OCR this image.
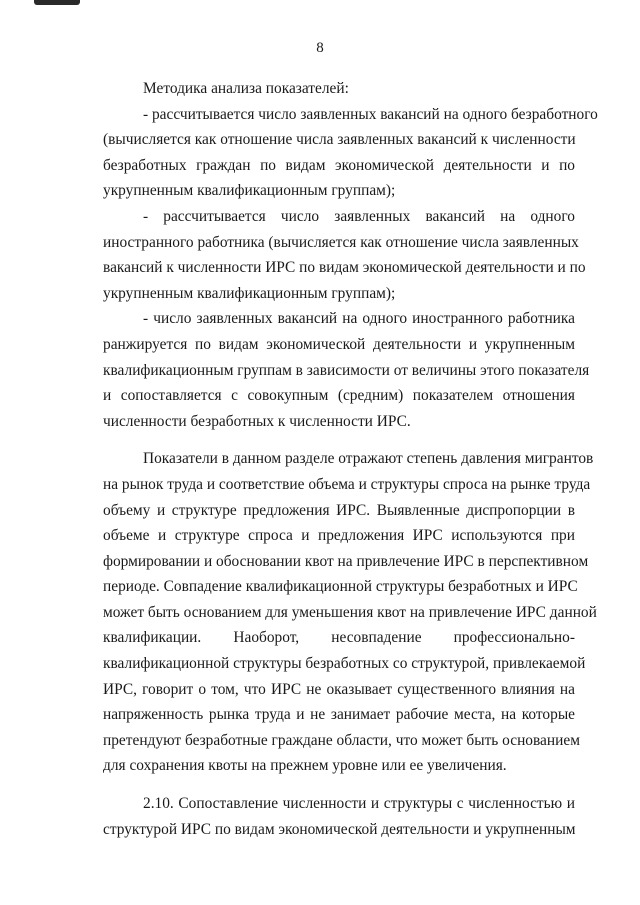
8
Методика анализа показателей:
- рассчитывается число заявленных вакансий на одного безработного
(вычисляется как отношение числа заявленных вакансий к численности
безработных граждан по видам экономической деятельности и по
укрупненным квалификационным группам);
- рассчитывается число заявленных вакансий на одного
иностранного работника (вычисляется как отношение числа заявленных
вакансий к численности ИРС по видам экономической деятельности и по
укрупненным квалификационным группам);
- число заявленных вакансий на одного иностранного работника
ранжируется по видам экономической деятельности и укрупненным
квалификационным группам в зависимости от величины этого показателя
и сопоставляется с совокупным (средним) показателем отношения
численности безработных к численности ИРС.
Показатели в данном разделе отражают степень давления мигрантов
на рынок труда и соответствие объема и структуры спроса на рынке труда
объему и структуре предложения ИРС. Выявленные диспропорции в
объеме и структуре спроса и предложения ИРС используются при
формировании и обосновании квот на привлечение ИРС в перспективном
периоде. Совпадение квалификационной структуры безработных и ИРС
может быть основанием для уменьшения квот на привлечение ИРС данной
квалификации. Наоборот, несовпадение профессионально-
квалификационной структуры безработных со структурой, привлекаемой
ИРС, говорит о том, что ИРС не оказывает существенного влияния на
напряженность рынка труда и не занимает рабочие места, на которые
претендуют безработные граждане области, что может быть основанием
для сохранения квоты на прежнем уровне или ее увеличения.
2.10. Сопоставление численности и структуры с численностью и
структурой ИРС по видам экономической деятельности и укрупненным
